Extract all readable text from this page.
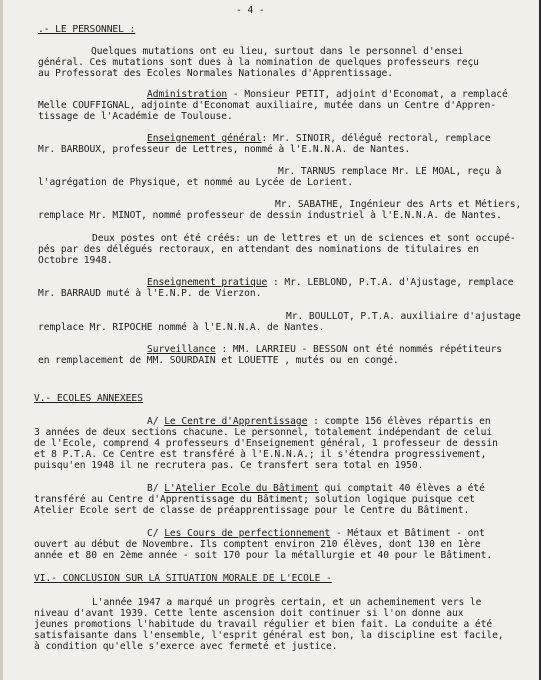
- 4 -
.- LE PERSONNEL :
Quelques mutations ont eu lieu, surtout dans le personnel d'ensei
général. Ces mutations sont dues à la nomination de quelques professeurs reçu
au Professorat des Ecoles Normales Nationales d'Apprentissage.
Administration - Monsieur PETIT, adjoint d'Economat, a remplacé
Melle COUFFIGNAL, adjointe d'Economat auxiliaire, mutée dans un Centre d'Appren-
tissage de l'Académie de Toulouse.
Enseignement général: Mr. SINOIR, délégué rectoral, remplace
Mr. BARBOUX, professeur de Lettres, nommé à l'E.N.N.A. de Nantes.
Mr. TARNUS remplace Mr. LE MOAL, reçu à
l'agrégation de Physique, et nommé au Lycée de Lorient.
Mr. SABATHE, Ingénieur des Arts et Métiers,
remplace Mr. MINOT, nommé professeur de dessin industriel à l'E.N.N.A. de Nantes.
Deux postes ont été créés: un de lettres et un de sciences et sont occupé-
pés par des délégués rectoraux, en attendant des nominations de titulaires en
Octobre 1948.
Enseignement pratique : Mr. LEBLOND, P.T.A. d'Ajustage, remplace
Mr. BARRAUD muté à l'E.N.P. de Vierzon.
Mr. BOULLOT, P.T.A. auxiliaire d'ajustage
remplace Mr. RIPOCHE nommé à l'E.N.N.A. de Nantes.
Surveillance : MM. LARRIEU - BESSON ont été nommés répétiteurs
en remplacement de MM. SOURDAIN et LOUETTE , mutés ou en congé.
V.- ECOLES ANNEXEES
A/ Le Centre d'Apprentissage : compte 156 élèves répartis en
3 années de deux sections chacune. Le personnel, totalement indépendant de celui
de l'Ecole, comprend 4 professeurs d'Enseignement général, 1 professeur de dessin
et 8 P.T.A. Ce Centre est transféré à l'E.N.N.A.; il s'étendra progressivement,
puisqu'en 1948 il ne recrutera pas. Ce transfert sera total en 1950.
B/ L'Atelier Ecole du Bâtiment qui comptait 40 élèves a été
transféré au Centre d'Apprentissage du Bâtiment; solution logique puisque cet
Atelier Ecole sert de classe de préapprentissage pour le Centre du Bâtiment.
C/ Les Cours de perfectionnement - Métaux et Bâtiment - ont
ouvert au début de Novembre. Ils comptent environ 210 élèves, dont 130 en 1ère
année et 80 en 2ème année - soit 170 pour la métallurgie et 40 pour le Bâtiment.
VI.- CONCLUSION SUR LA SITUATION MORALE DE L'ECOLE -
L'année 1947 a marqué un progrès certain, et un acheminement vers le
niveau d'avant 1939. Cette lente ascension doit continuer si l'on donne aux
jeunes promotions l'habitude du travail régulier et bien fait. La conduite a été
satisfaisante dans l'ensemble, l'esprit général est bon, la discipline est facile,
à condition qu'elle s'exerce avec fermeté et justice.
